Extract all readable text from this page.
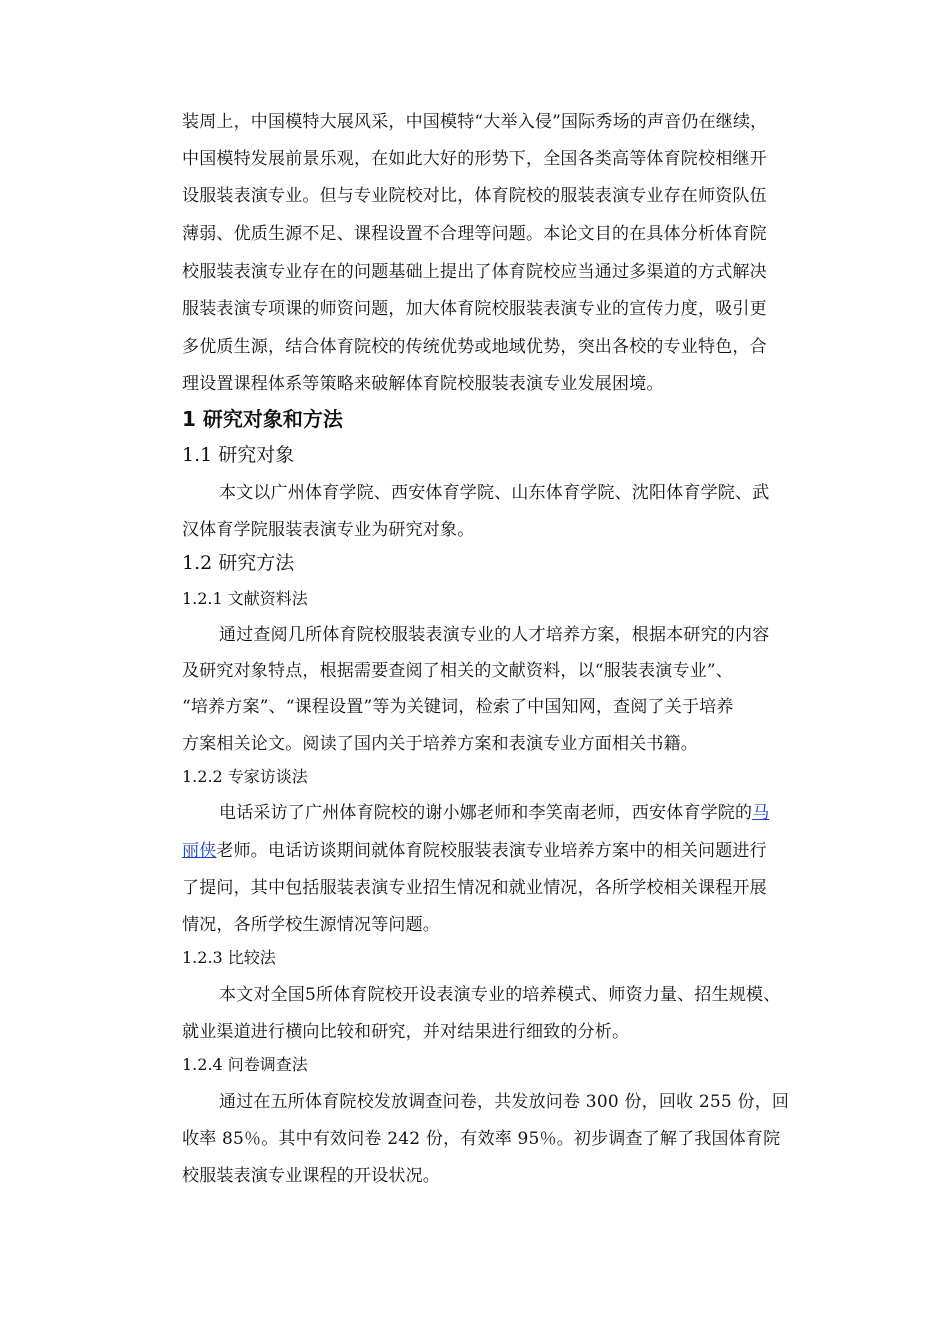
装周上，中国模特大展风采，中国模特“大举入侵”国际秀场的声音仍在继续，
中国模特发展前景乐观，在如此大好的形势下，全国各类高等体育院校相继开
设服装表演专业。但与专业院校对比，体育院校的服装表演专业存在师资队伍
薄弱、优质生源不足、课程设置不合理等问题。本论文目的在具体分析体育院
校服装表演专业存在的问题基础上提出了体育院校应当通过多渠道的方式解决
服装表演专项课的师资问题，加大体育院校服装表演专业的宣传力度，吸引更
多优质生源，结合体育院校的传统优势或地域优势，突出各校的专业特色，合
理设置课程体系等策略来破解体育院校服装表演专业发展困境。
1 研究对象和方法
1.1 研究对象
本文以广州体育学院、西安体育学院、山东体育学院、沈阳体育学院、武
汉体育学院服装表演专业为研究对象。
1.2 研究方法
1.2.1 文献资料法
通过查阅几所体育院校服装表演专业的人才培养方案，根据本研究的内容
及研究对象特点，根据需要查阅了相关的文献资料，以“服装表演专业”、
“培养方案”、“课程设置”等为关键词，检索了中国知网，查阅了关于培养
方案相关论文。阅读了国内关于培养方案和表演专业方面相关书籍。
1.2.2 专家访谈法
电话采访了广州体育院校的谢小娜老师和李笑南老师，西安体育学院的马
丽侠老师。电话访谈期间就体育院校服装表演专业培养方案中的相关问题进行
了提问，其中包括服装表演专业招生情况和就业情况，各所学校相关课程开展
情况，各所学校生源情况等问题。
1.2.3 比较法
本文对全国5所体育院校开设表演专业的培养模式、师资力量、招生规模、
就业渠道进行横向比较和研究，并对结果进行细致的分析。
1.2.4 问卷调查法
通过在五所体育院校发放调查问卷，共发放问卷 300 份，回收 255 份，回
收率 85％。其中有效问卷 242 份，有效率 95％。初步调查了解了我国体育院
校服装表演专业课程的开设状况。
